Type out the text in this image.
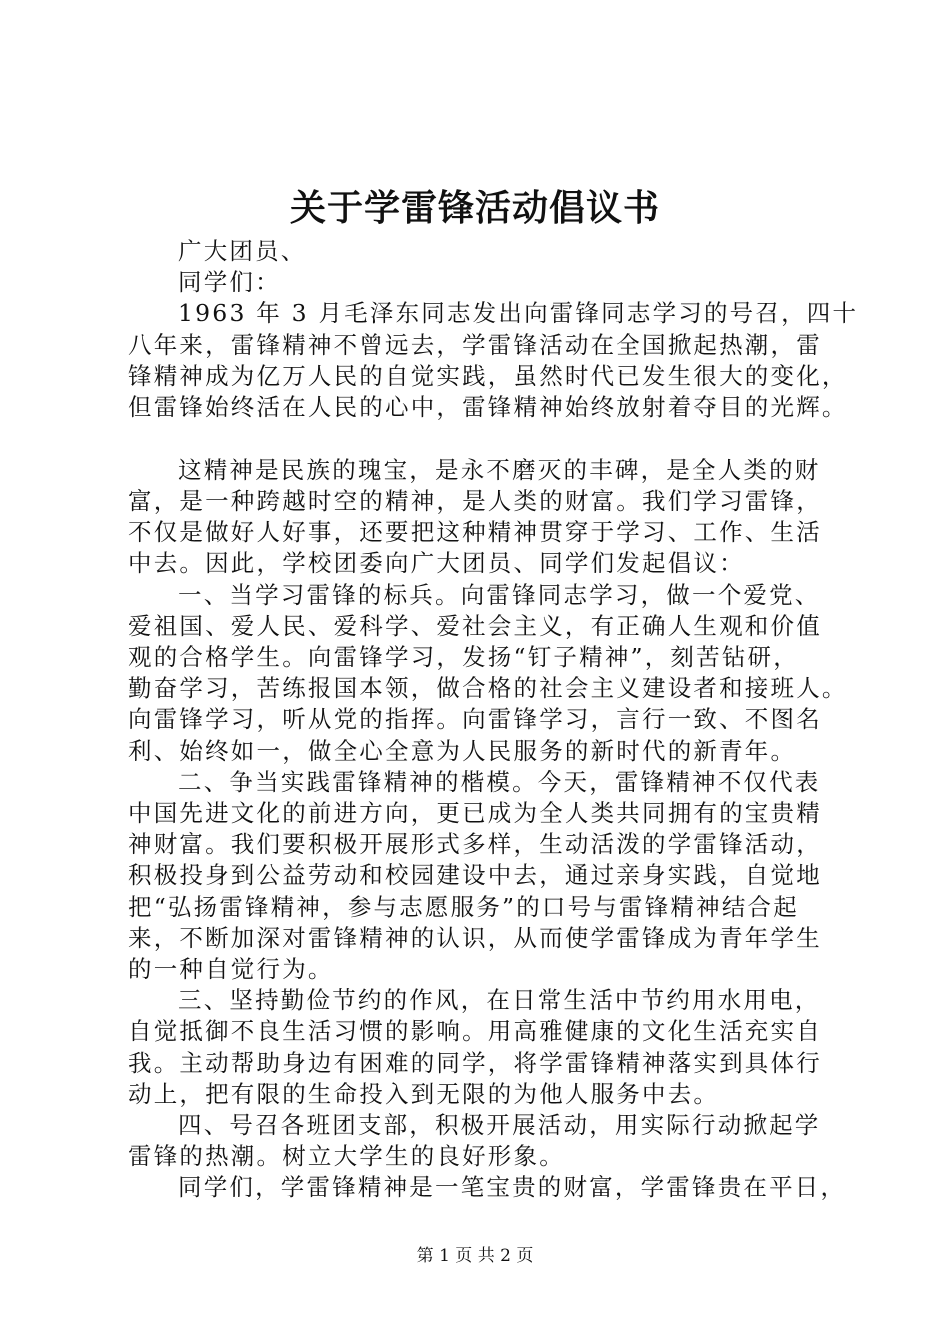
关于学雷锋活动倡议书
广大团员、
同学们：
1963 年 3 月毛泽东同志发出向雷锋同志学习的号召，四十
八年来，雷锋精神不曾远去，学雷锋活动在全国掀起热潮，雷
锋精神成为亿万人民的自觉实践，虽然时代已发生很大的变化，
但雷锋始终活在人民的心中，雷锋精神始终放射着夺目的光辉。
这精神是民族的瑰宝，是永不磨灭的丰碑，是全人类的财
富，是一种跨越时空的精神，是人类的财富。我们学习雷锋，
不仅是做好人好事，还要把这种精神贯穿于学习、工作、生活
中去。因此，学校团委向广大团员、同学们发起倡议：
一、当学习雷锋的标兵。向雷锋同志学习，做一个爱党、
爱祖国、爱人民、爱科学、爱社会主义，有正确人生观和价值
观的合格学生。向雷锋学习，发扬“钉子精神”，刻苦钻研，
勤奋学习，苦练报国本领，做合格的社会主义建设者和接班人。
向雷锋学习，听从党的指挥。向雷锋学习，言行一致、不图名
利、始终如一，做全心全意为人民服务的新时代的新青年。
二、争当实践雷锋精神的楷模。今天，雷锋精神不仅代表
中国先进文化的前进方向，更已成为全人类共同拥有的宝贵精
神财富。我们要积极开展形式多样，生动活泼的学雷锋活动，
积极投身到公益劳动和校园建设中去，通过亲身实践，自觉地
把“弘扬雷锋精神，参与志愿服务”的口号与雷锋精神结合起
来，不断加深对雷锋精神的认识，从而使学雷锋成为青年学生
的一种自觉行为。
三、坚持勤俭节约的作风，在日常生活中节约用水用电，
自觉抵御不良生活习惯的影响。用高雅健康的文化生活充实自
我。主动帮助身边有困难的同学，将学雷锋精神落实到具体行
动上，把有限的生命投入到无限的为他人服务中去。
四、号召各班团支部，积极开展活动，用实际行动掀起学
雷锋的热潮。树立大学生的良好形象。
同学们，学雷锋精神是一笔宝贵的财富，学雷锋贵在平日，
第 1 页 共 2 页
